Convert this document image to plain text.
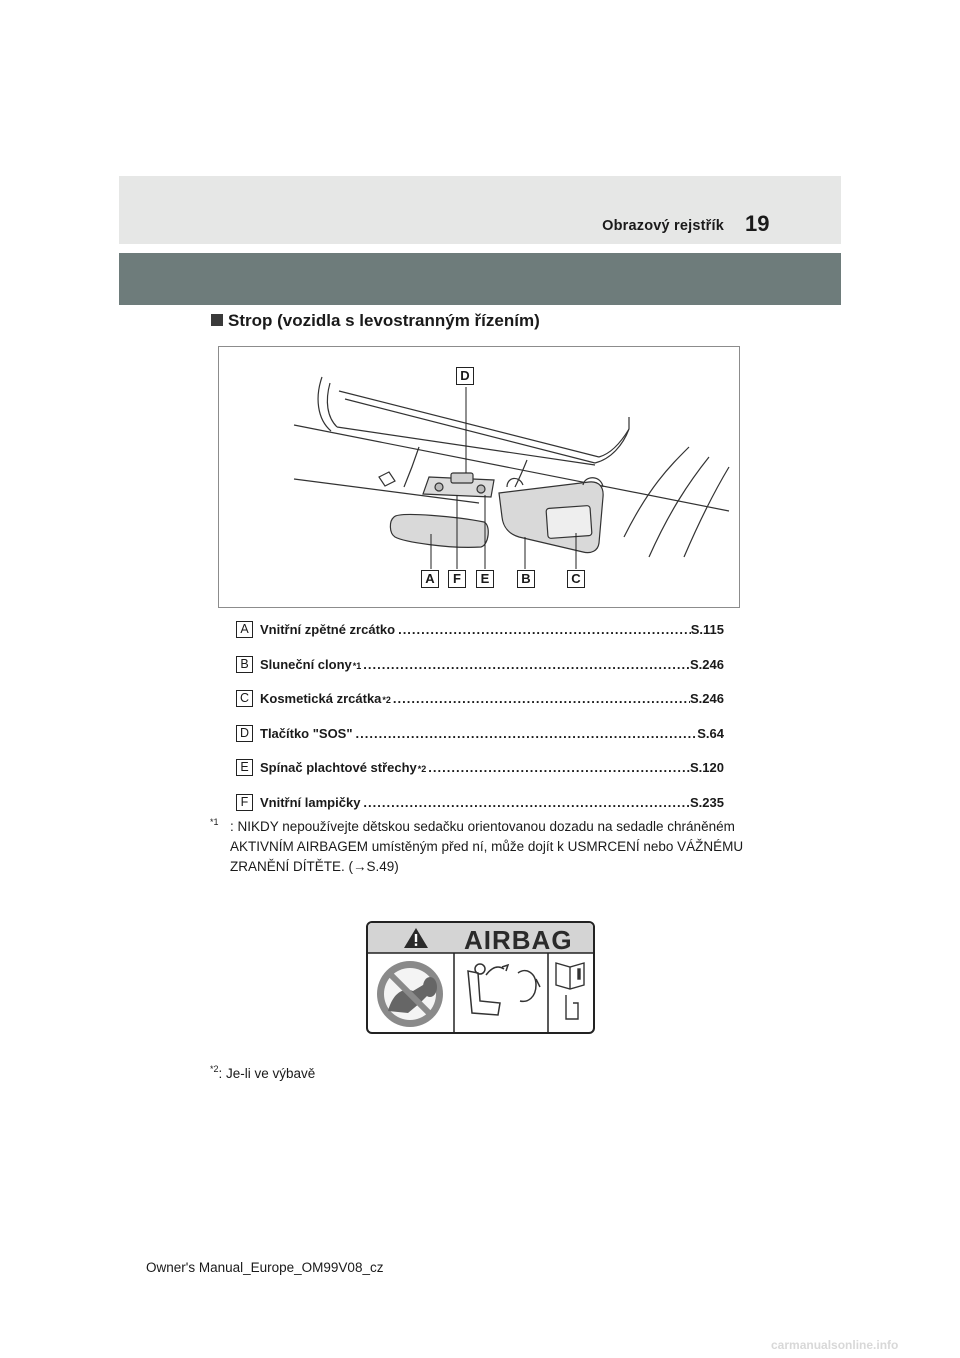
Obrazový rejstřík 19
Strop (vozidla s levostranným řízením)
D
A	F	E	B	C
A Vnitřní zpětné zrcátko .....	S.115
B Sluneční clony *1 .....	S.246
C Kosmetická zrcátka *2 .....	S.246
D Tlačítko "SOS" .....	S.64
E Spínač plachtové střechy *2 .....	S.120
F Vnitřní lampičky .....	S.235
$^{*1}$ : NIKDY nepoužívejte dětskou sedačku orientovanou dozadu na sedadle chráněném AKTIVNÍM AIRBAGEM umístěným před ní, může dojít k USMRCENÍ nebo VÁŽNÉMU ZRANĚNÍ DÍTĚTE. (→S.49)
AIRBAG
$^{*2}$: Je-li ve výbavě
Owner's Manual_Europe_OM99V08_cz
carmanualsonline.info
